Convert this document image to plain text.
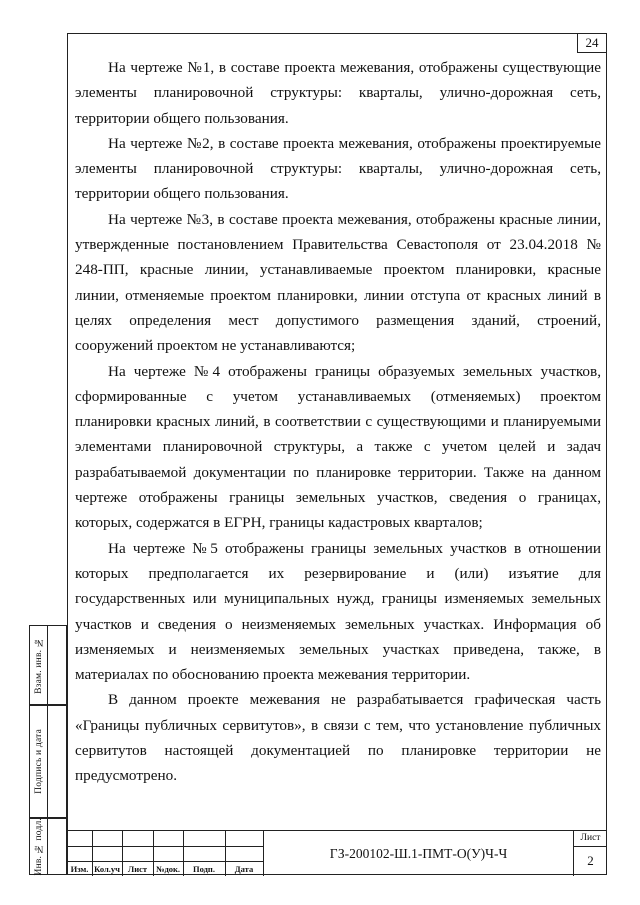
24

На чертеже №1, в составе проекта межевания, отображены существующие элементы планировочной структуры: кварталы, улично-дорожная сеть, территории общего пользования.

На чертеже №2, в составе проекта межевания, отображены проектируемые элементы планировочной структуры: кварталы, улично-дорожная сеть, территории общего пользования.

На чертеже №3, в составе проекта межевания, отображены красные линии, утвержденные постановлением Правительства Севастополя от 23.04.2018 № 248-ПП, красные линии, устанавливаемые проектом планировки, красные линии, отменяемые проектом планировки, линии отступа от красных линий в целях определения мест допустимого размещения зданий, строений, сооружений проектом не устанавливаются;

На чертеже №4 отображены границы образуемых земельных участков, сформированные с учетом устанавливаемых (отменяемых) проектом планировки красных линий, в соответствии с существующими и планируемыми элементами планировочной структуры, а также с учетом целей и задач разрабатываемой документации по планировке территории. Также на данном чертеже отображены границы земельных участков, сведения о границах, которых, содержатся в ЕГРН, границы кадастровых кварталов;

На чертеже №5 отображены границы земельных участков в отношении которых предполагается их резервирование и (или) изъятие для государственных или муниципальных нужд, границы изменяемых земельных участков и сведения о неизменяемых земельных участках. Информация об изменяемых и неизменяемых земельных участках приведена, также, в материалах по обоснованию проекта межевания территории.

В данном проекте межевания не разрабатывается графическая часть «Границы публичных сервитутов», в связи с тем, что установление публичных сервитутов настоящей документацией по планировке территории не предусмотрено.

Взам. инв. №
Подпись и дата
Инв. № подл.	Изм. Кол.уч Лист	№док.	Подп.	Дата
ГЗ-200102-Ш.1-ПМТ-О(У)Ч-Ч
Лист
2
